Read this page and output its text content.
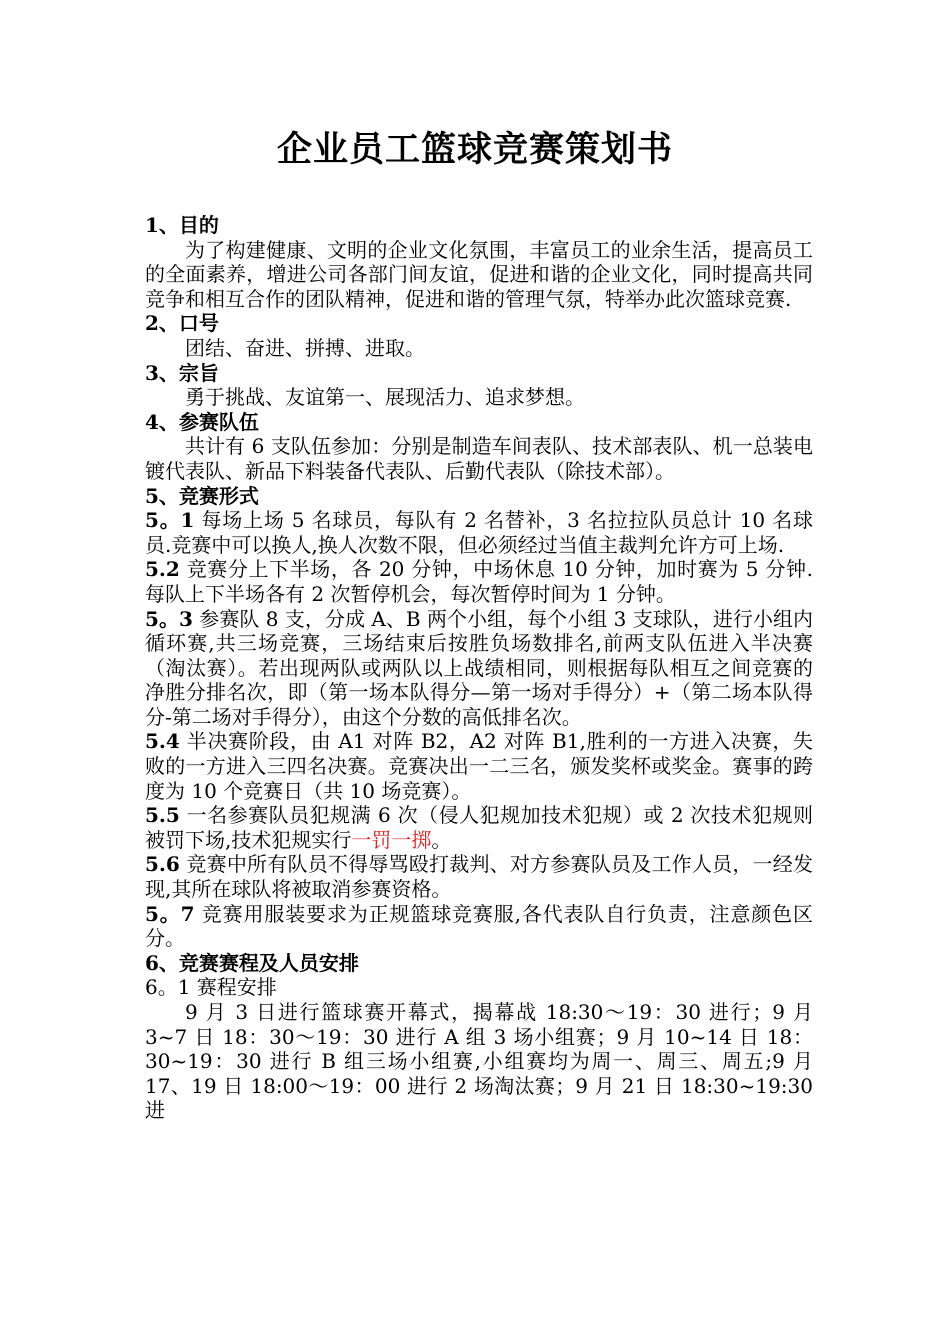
企业员工篮球竞赛策划书
1、目的
为了构建健康、文明的企业文化氛围，丰富员工的业余生活，提高员工的全面素养，增进公司各部门间友谊，促进和谐的企业文化，同时提高共同竞争和相互合作的团队精神，促进和谐的管理气氛，特举办此次篮球竞赛.
2、口号
团结、奋进、拼搏、进取。
3、宗旨
勇于挑战、友谊第一、展现活力、追求梦想。
4、参赛队伍
共计有 6 支队伍参加：分别是制造车间表队、技术部表队、机一总装电镀代表队、新品下料装备代表队、后勤代表队（除技术部）。
5、竞赛形式
5。1 每场上场 5 名球员，每队有 2 名替补，3 名拉拉队员总计 10 名球员.竞赛中可以换人,换人次数不限，但必须经过当值主裁判允许方可上场.
5.2 竞赛分上下半场，各 20 分钟，中场休息 10 分钟，加时赛为 5 分钟.每队上下半场各有 2 次暂停机会，每次暂停时间为 1 分钟。
5。3 参赛队 8 支，分成 A、B 两个小组，每个小组 3 支球队，进行小组内循环赛,共三场竞赛，三场结束后按胜负场数排名,前两支队伍进入半决赛（淘汰赛）。若出现两队或两队以上战绩相同，则根据每队相互之间竞赛的净胜分排名次，即（第一场本队得分—第一场对手得分）+（第二场本队得分-第二场对手得分），由这个分数的高低排名次。
5.4 半决赛阶段，由 A1 对阵 B2，A2 对阵 B1,胜利的一方进入决赛，失败的一方进入三四名决赛。竞赛决出一二三名，颁发奖杯或奖金。赛事的跨度为 10 个竞赛日（共 10 场竞赛）。
5.5 一名参赛队员犯规满 6 次（侵人犯规加技术犯规）或 2 次技术犯规则被罚下场,技术犯规实行一罚一掷。
5.6 竞赛中所有队员不得辱骂殴打裁判、对方参赛队员及工作人员，一经发现,其所在球队将被取消参赛资格。
5。7 竞赛用服装要求为正规篮球竞赛服,各代表队自行负责，注意颜色区分。
6、竞赛赛程及人员安排
6。1 赛程安排
9 月 3 日进行篮球赛开幕式，揭幕战 18:30～19：30 进行；9 月 3~7 日 18：30～19：30 进行 A 组 3 场小组赛；9 月 10~14 日 18：30~19：30 进行 B 组三场小组赛,小组赛均为周一、周三、周五;9 月 17、19 日 18:00～19：00 进行 2 场淘汰赛；9 月 21 日 18:30~19:30 进
